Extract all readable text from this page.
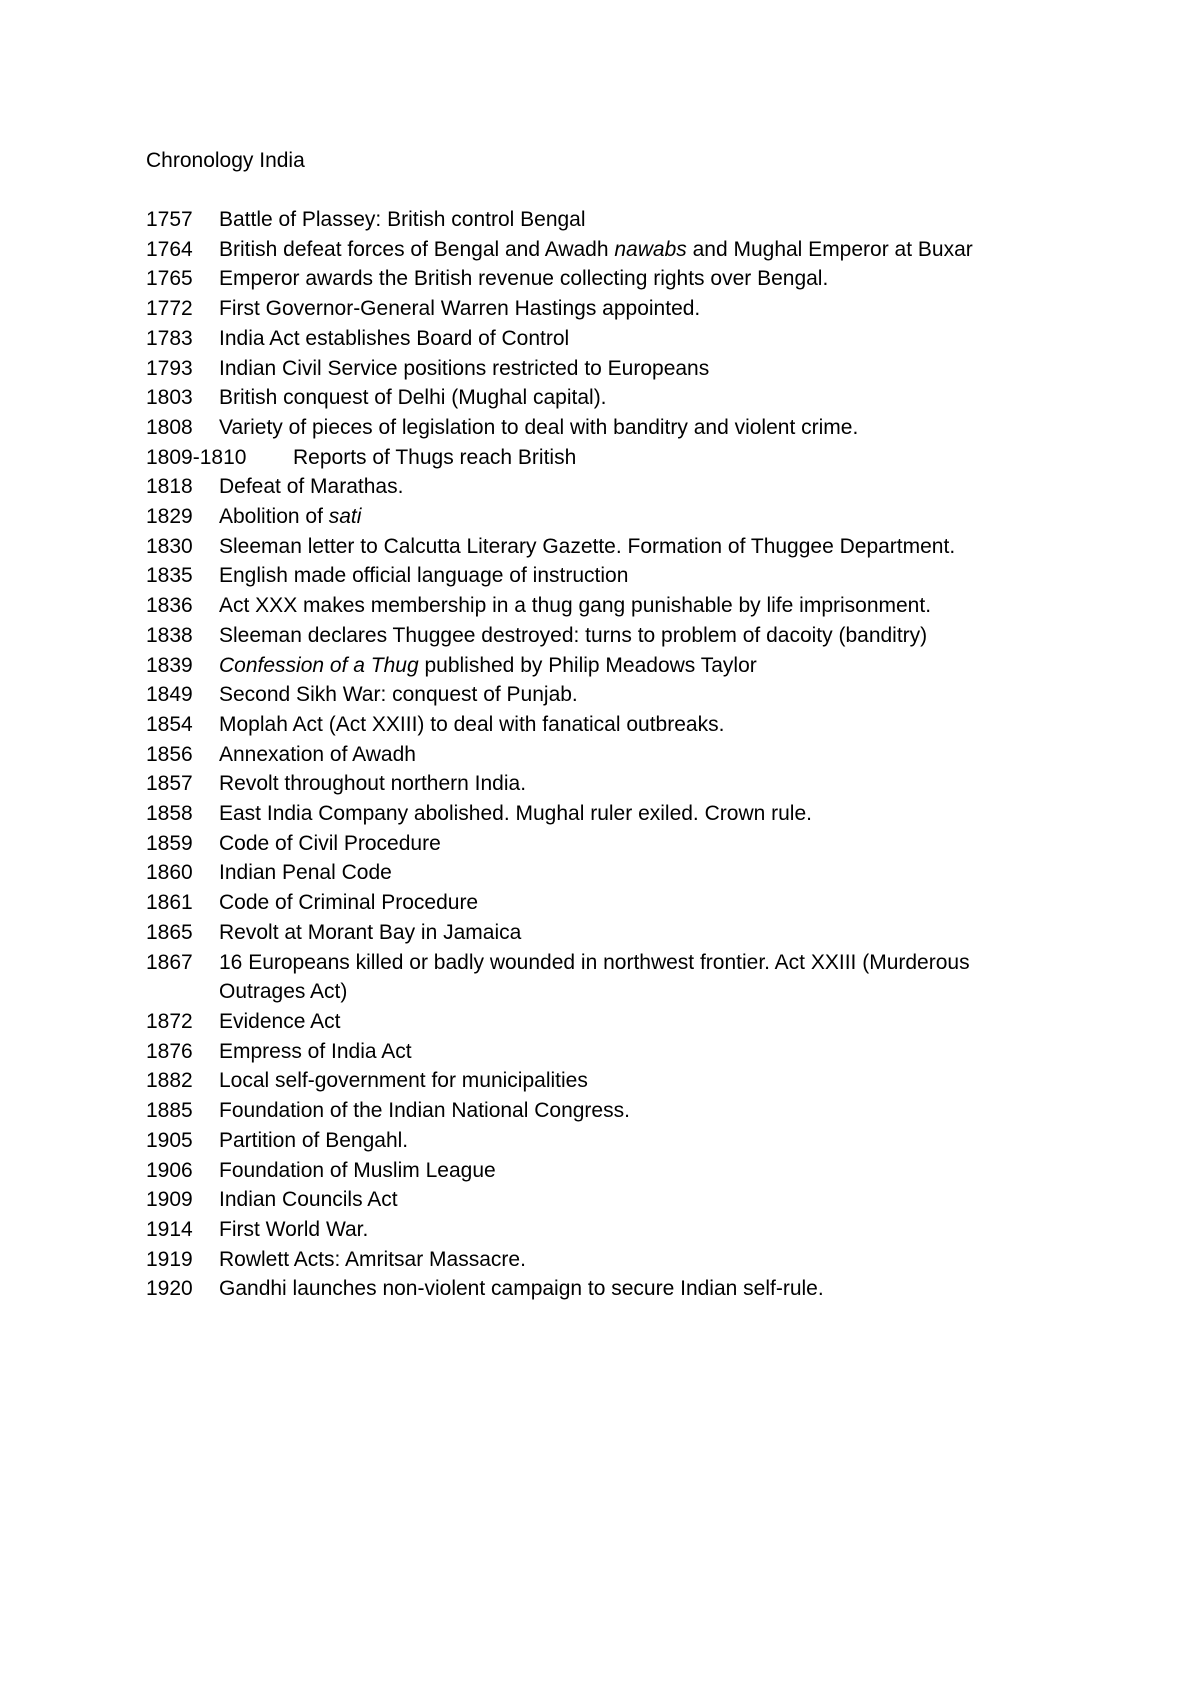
Chronology India
1757	Battle of Plassey: British control Bengal
1764	British defeat forces of Bengal and Awadh nawabs and Mughal Emperor at Buxar
1765	Emperor awards the British revenue collecting rights over Bengal.
1772	First Governor-General Warren Hastings appointed.
1783	India Act establishes Board of Control
1793	Indian Civil Service positions restricted to Europeans
1803	British conquest of Delhi (Mughal capital).
1808	Variety of pieces of legislation to deal with banditry and violent crime.
1809-1810	Reports of Thugs reach British
1818	Defeat of Marathas.
1829	Abolition of sati
1830	Sleeman letter to Calcutta Literary Gazette. Formation of Thuggee Department.
1835	English made official language of instruction
1836	Act XXX makes membership in a thug gang punishable by life imprisonment.
1838	Sleeman declares Thuggee destroyed: turns to problem of dacoity (banditry)
1839	Confession of a Thug published by Philip Meadows Taylor
1849	Second Sikh War: conquest of Punjab.
1854	Moplah Act (Act XXIII) to deal with fanatical outbreaks.
1856	Annexation of Awadh
1857	Revolt throughout northern India.
1858	East India Company abolished. Mughal ruler exiled. Crown rule.
1859	Code of Civil Procedure
1860	Indian Penal Code
1861	Code of Criminal Procedure
1865	Revolt at Morant Bay in Jamaica
1867	16 Europeans killed or badly wounded in northwest frontier. Act XXIII (Murderous Outrages Act)
1872	Evidence Act
1876	Empress of India Act
1882	Local self-government for municipalities
1885	Foundation of the Indian National Congress.
1905	Partition of Bengahl.
1906	Foundation of Muslim League
1909	Indian Councils Act
1914	First World War.
1919	Rowlett Acts: Amritsar Massacre.
1920	Gandhi launches non-violent campaign to secure Indian self-rule.
